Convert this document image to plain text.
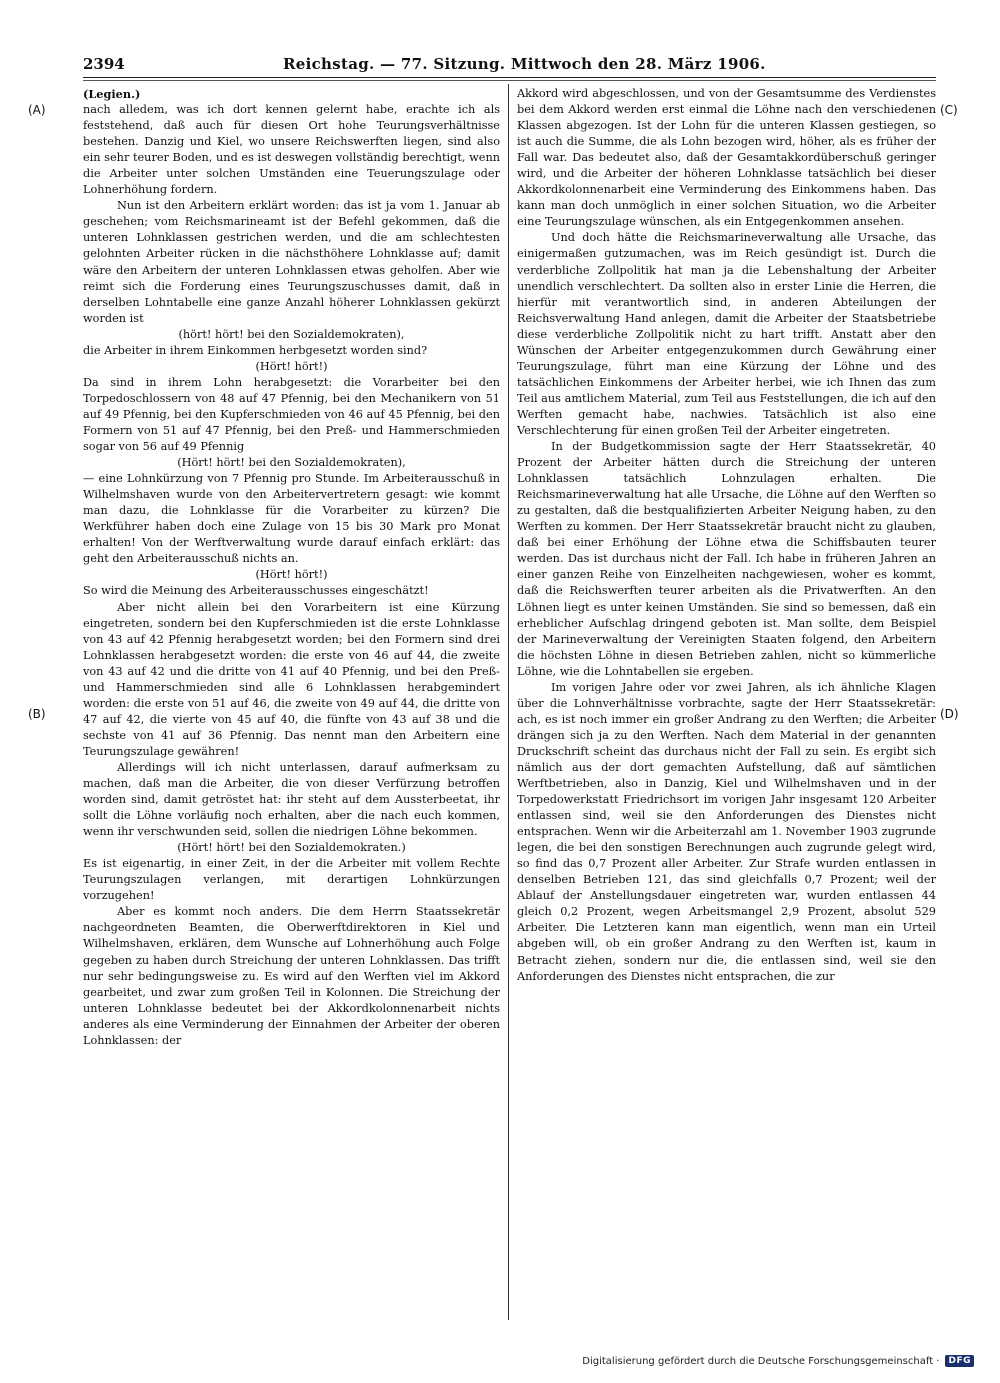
2394	Reichstag. — 77. Sitzung. Mittwoch den 28. März 1906.
(A)
(B)
(C)
(D)

(Legien.)

nach alledem, was ich dort kennen gelernt habe, erachte ich als feststehend, daß auch für diesen Ort hohe Teurungsverhältnisse bestehen. Danzig und Kiel, wo unsere Reichswerften liegen, sind also ein sehr teurer Boden, und es ist deswegen vollständig berechtigt, wenn die Arbeiter unter solchen Umständen eine Teuerungszulage oder Lohnerhöhung fordern.

Nun ist den Arbeitern erklärt worden: das ist ja vom 1. Januar ab geschehen; vom Reichsmarineamt ist der Befehl gekommen, daß die unteren Lohnklassen gestrichen werden, und die am schlechtesten gelohnten Arbeiter rücken in die nächsthöhere Lohnklasse auf; damit wäre den Arbeitern der unteren Lohnklassen etwas geholfen. Aber wie reimt sich die Forderung eines Teurungszuschusses damit, daß in derselben Lohntabelle eine ganze Anzahl höherer Lohnklassen gekürzt worden ist

(hört! hört! bei den Sozialdemokraten),

die Arbeiter in ihrem Einkommen herbgesetzt worden sind?

(Hört! hört!)

Da sind in ihrem Lohn herabgesetzt: die Vorarbeiter bei den Torpedoschlossern von 48 auf 47 Pfennig, bei den Mechanikern von 51 auf 49 Pfennig, bei den Kupferschmieden von 46 auf 45 Pfennig, bei den Formern von 51 auf 47 Pfennig, bei den Preß- und Hammerschmieden sogar von 56 auf 49 Pfennig

(Hört! hört! bei den Sozialdemokraten),

— eine Lohnkürzung von 7 Pfennig pro Stunde. Im Arbeiterausschuß in Wilhelmshaven wurde von den Arbeitervertretern gesagt: wie kommt man dazu, die Lohnklasse für die Vorarbeiter zu kürzen? Die Werkführer haben doch eine Zulage von 15 bis 30 Mark pro Monat erhalten! Von der Werftverwaltung wurde darauf einfach erklärt: das geht den Arbeiterausschuß nichts an.

(Hört! hört!)

So wird die Meinung des Arbeiterausschusses eingeschätzt!

Aber nicht allein bei den Vorarbeitern ist eine Kürzung eingetreten, sondern bei den Kupferschmieden ist die erste Lohnklasse von 43 auf 42 Pfennig herabgesetzt worden; bei den Formern sind drei Lohnklassen herabgesetzt worden: die erste von 46 auf 44, die zweite von 43 auf 42 und die dritte von 41 auf 40 Pfennig, und bei den Preß- und Hammerschmieden sind alle 6 Lohnklassen herabgemindert worden: die erste von 51 auf 46, die zweite von 49 auf 44, die dritte von 47 auf 42, die vierte von 45 auf 40, die fünfte von 43 auf 38 und die sechste von 41 auf 36 Pfennig. Das nennt man den Arbeitern eine Teurungszulage gewähren!

Allerdings will ich nicht unterlassen, darauf aufmerksam zu machen, daß man die Arbeiter, die von dieser Verfürzung betroffen worden sind, damit getröstet hat: ihr steht auf dem Aussterbeetat, ihr sollt die Löhne vorläufig noch erhalten, aber die nach euch kommen, wenn ihr verschwunden seid, sollen die niedrigen Löhne bekommen.

(Hört! hört! bei den Sozialdemokraten.)

Es ist eigenartig, in einer Zeit, in der die Arbeiter mit vollem Rechte Teurungszulagen verlangen, mit derartigen Lohnkürzungen vorzugehen!

Aber es kommt noch anders. Die dem Herrn Staatssekretär nachgeordneten Beamten, die Oberwerftdirektoren in Kiel und Wilhelmshaven, erklären, dem Wunsche auf Lohnerhöhung auch Folge gegeben zu haben durch Streichung der unteren Lohnklassen. Das trifft nur sehr bedingungsweise zu. Es wird auf den Werften viel im Akkord gearbeitet, und zwar zum großen Teil in Kolonnen. Die Streichung der unteren Lohnklasse bedeutet bei der Akkordkolonnenarbeit nichts anderes als eine Verminderung der Einnahmen der Arbeiter der oberen Lohnklassen: der

Akkord wird abgeschlossen, und von der Gesamtsumme des Verdienstes bei dem Akkord werden erst einmal die Löhne nach den verschiedenen Klassen abgezogen. Ist der Lohn für die unteren Klassen gestiegen, so ist auch die Summe, die als Lohn bezogen wird, höher, als es früher der Fall war. Das bedeutet also, daß der Gesamtakkordüberschuß geringer wird, und die Arbeiter der höheren Lohnklasse tatsächlich bei dieser Akkordkolonnenarbeit eine Verminderung des Einkommens haben. Das kann man doch unmöglich in einer solchen Situation, wo die Arbeiter eine Teurungszulage wünschen, als ein Entgegenkommen ansehen.

Und doch hätte die Reichsmarineverwaltung alle Ursache, das einigermaßen gutzumachen, was im Reich gesündigt ist. Durch die verderbliche Zollpolitik hat man ja die Lebenshaltung der Arbeiter unendlich verschlechtert. Da sollten also in erster Linie die Herren, die hierfür mit verantwortlich sind, in anderen Abteilungen der Reichsverwaltung Hand anlegen, damit die Arbeiter der Staatsbetriebe diese verderbliche Zollpolitik nicht zu hart trifft. Anstatt aber den Wünschen der Arbeiter entgegenzukommen durch Gewährung einer Teurungszulage, führt man eine Kürzung der Löhne und des tatsächlichen Einkommens der Arbeiter herbei, wie ich Ihnen das zum Teil aus amtlichem Material, zum Teil aus Feststellungen, die ich auf den Werften gemacht habe, nachwies. Tatsächlich ist also eine Verschlechterung für einen großen Teil der Arbeiter eingetreten.

In der Budgetkommission sagte der Herr Staatssekretär, 40 Prozent der Arbeiter hätten durch die Streichung der unteren Lohnklassen tatsächlich Lohnzulagen erhalten. Die Reichsmarineverwaltung hat alle Ursache, die Löhne auf den Werften so zu gestalten, daß die bestqualifizierten Arbeiter Neigung haben, zu den Werften zu kommen. Der Herr Staatssekretär braucht nicht zu glauben, daß bei einer Erhöhung der Löhne etwa die Schiffsbauten teurer werden. Das ist durchaus nicht der Fall. Ich habe in früheren Jahren an einer ganzen Reihe von Einzelheiten nachgewiesen, woher es kommt, daß die Reichswerften teurer arbeiten als die Privatwerften. An den Löhnen liegt es unter keinen Umständen. Sie sind so bemessen, daß ein erheblicher Aufschlag dringend geboten ist. Man sollte, dem Beispiel der Marineverwaltung der Vereinigten Staaten folgend, den Arbeitern die höchsten Löhne in diesen Betrieben zahlen, nicht so kümmerliche Löhne, wie die Lohntabellen sie ergeben.

Im vorigen Jahre oder vor zwei Jahren, als ich ähnliche Klagen über die Lohnverhältnisse vorbrachte, sagte der Herr Staatssekretär: ach, es ist noch immer ein großer Andrang zu den Werften; die Arbeiter drängen sich ja zu den Werften. Nach dem Material in der genannten Druckschrift scheint das durchaus nicht der Fall zu sein. Es ergibt sich nämlich aus der dort gemachten Aufstellung, daß auf sämtlichen Werftbetrieben, also in Danzig, Kiel und Wilhelmshaven und in der Torpedowerkstatt Friedrichsort im vorigen Jahr insgesamt 120 Arbeiter entlassen sind, weil sie den Anforderungen des Dienstes nicht entsprachen. Wenn wir die Arbeiterzahl am 1. November 1903 zugrunde legen, die bei den sonstigen Berechnungen auch zugrunde gelegt wird, so find das 0,7 Prozent aller Arbeiter. Zur Strafe wurden entlassen in denselben Betrieben 121, das sind gleichfalls 0,7 Prozent; weil der Ablauf der Anstellungsdauer eingetreten war, wurden entlassen 44 gleich 0,2 Prozent, wegen Arbeitsmangel 2,9 Prozent, absolut 529 Arbeiter. Die Letzteren kann man eigentlich, wenn man ein Urteil abgeben will, ob ein großer Andrang zu den Werften ist, kaum in Betracht ziehen, sondern nur die, die entlassen sind, weil sie den Anforderungen des Dienstes nicht entsprachen, die zur

Digitalisierung gefördert durch die Deutsche Forschungsgemeinschaft ·	DFG
